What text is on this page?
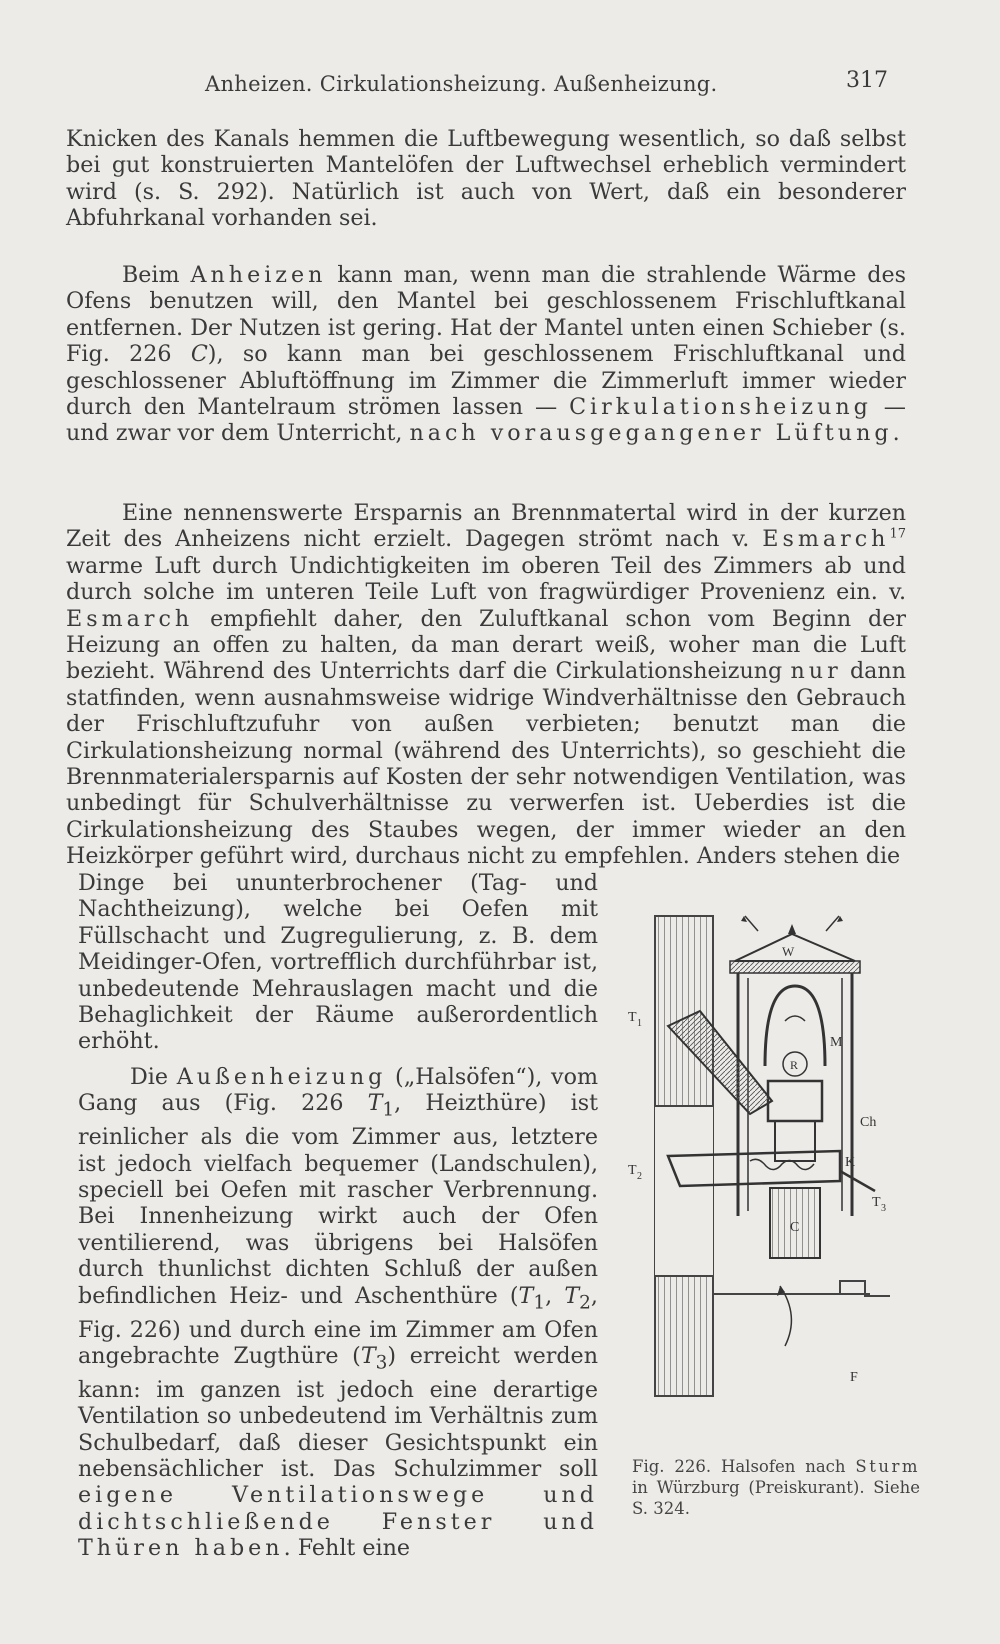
Anheizen. Cirkulationsheizung. Außenheizung.	317

Knicken des Kanals hemmen die Luftbewegung wesentlich, so daß selbst bei gut konstruierten Mantelöfen der Luftwechsel erheblich vermindert wird (s. S. 292). Natürlich ist auch von Wert, daß ein besonderer Abfuhrkanal vorhanden sei.

Beim Anheizen kann man, wenn man die strahlende Wärme des Ofens benutzen will, den Mantel bei geschlossenem Frischluftkanal entfernen. Der Nutzen ist gering. Hat der Mantel unten einen Schieber (s. Fig. 226 C), so kann man bei geschlossenem Frischluftkanal und geschlossener Abluftöffnung im Zimmer die Zimmerluft immer wieder durch den Mantelraum strömen lassen — Cirkulationsheizung — und zwar vor dem Unterricht, nach vorausgegangener Lüftung.

Eine nennenswerte Ersparnis an Brennmatertal wird in der kurzen Zeit des Anheizens nicht erzielt. Dagegen strömt nach v. Esmarch$^{17}$ warme Luft durch Undichtigkeiten im oberen Teil des Zimmers ab und durch solche im unteren Teile Luft von fragwürdiger Provenienz ein. v. Esmarch empfiehlt daher, den Zuluftkanal schon vom Beginn der Heizung an offen zu halten, da man derart weiß, woher man die Luft bezieht. Während des Unterrichts darf die Cirkulationsheizung nur dann statfinden, wenn ausnahmsweise widrige Windverhältnisse den Gebrauch der Frischluftzufuhr von außen verbieten; benutzt man die Cirkulationsheizung normal (während des Unterrichts), so geschieht die Brennmaterialersparnis auf Kosten der sehr notwendigen Ventilation, was unbedingt für Schulverhältnisse zu verwerfen ist. Ueberdies ist die Cirkulationsheizung des Staubes wegen, der immer wieder an den Heizkörper geführt wird, durchaus nicht zu empfehlen. Anders stehen die

Dinge bei ununterbrochener (Tag- und Nachtheizung), welche bei Oefen mit Füllschacht und Zugregulierung, z. B. dem Meidinger-Ofen, vortrefflich durchführbar ist, unbedeutende Mehrauslagen macht und die Behaglichkeit der Räume außerordentlich erhöht.

Die Außenheizung („Halsöfen“), vom Gang aus (Fig. 226 $T_1$, Heizthüre) ist reinlicher als die vom Zimmer aus, letztere ist jedoch vielfach bequemer (Landschulen), speciell bei Oefen mit rascher Verbrennung. Bei Innenheizung wirkt auch der Ofen ventilierend, was übrigens bei Halsöfen durch thunlichst dichten Schluß der außen befindlichen Heiz- und Aschenthüre ($T_1$, $T_2$, Fig. 226) und durch eine im Zimmer am Ofen angebrachte Zugthüre $(T_3)$ erreicht werden kann: im ganzen ist jedoch eine derartige Ventilation so unbedeutend im Verhältnis zum Schulbedarf, daß dieser Gesichtspunkt ein nebensächlicher ist. Das Schulzimmer soll eigene Ventilationswege und dichtschließende Fenster und Thüren haben. Fehlt eine

W
R
M
T 1
Ch
K
T 2
T 3
C
F
Fig. 226. Halsofen nach Sturm in Würzburg (Preiskurant). Siehe S. 324.
